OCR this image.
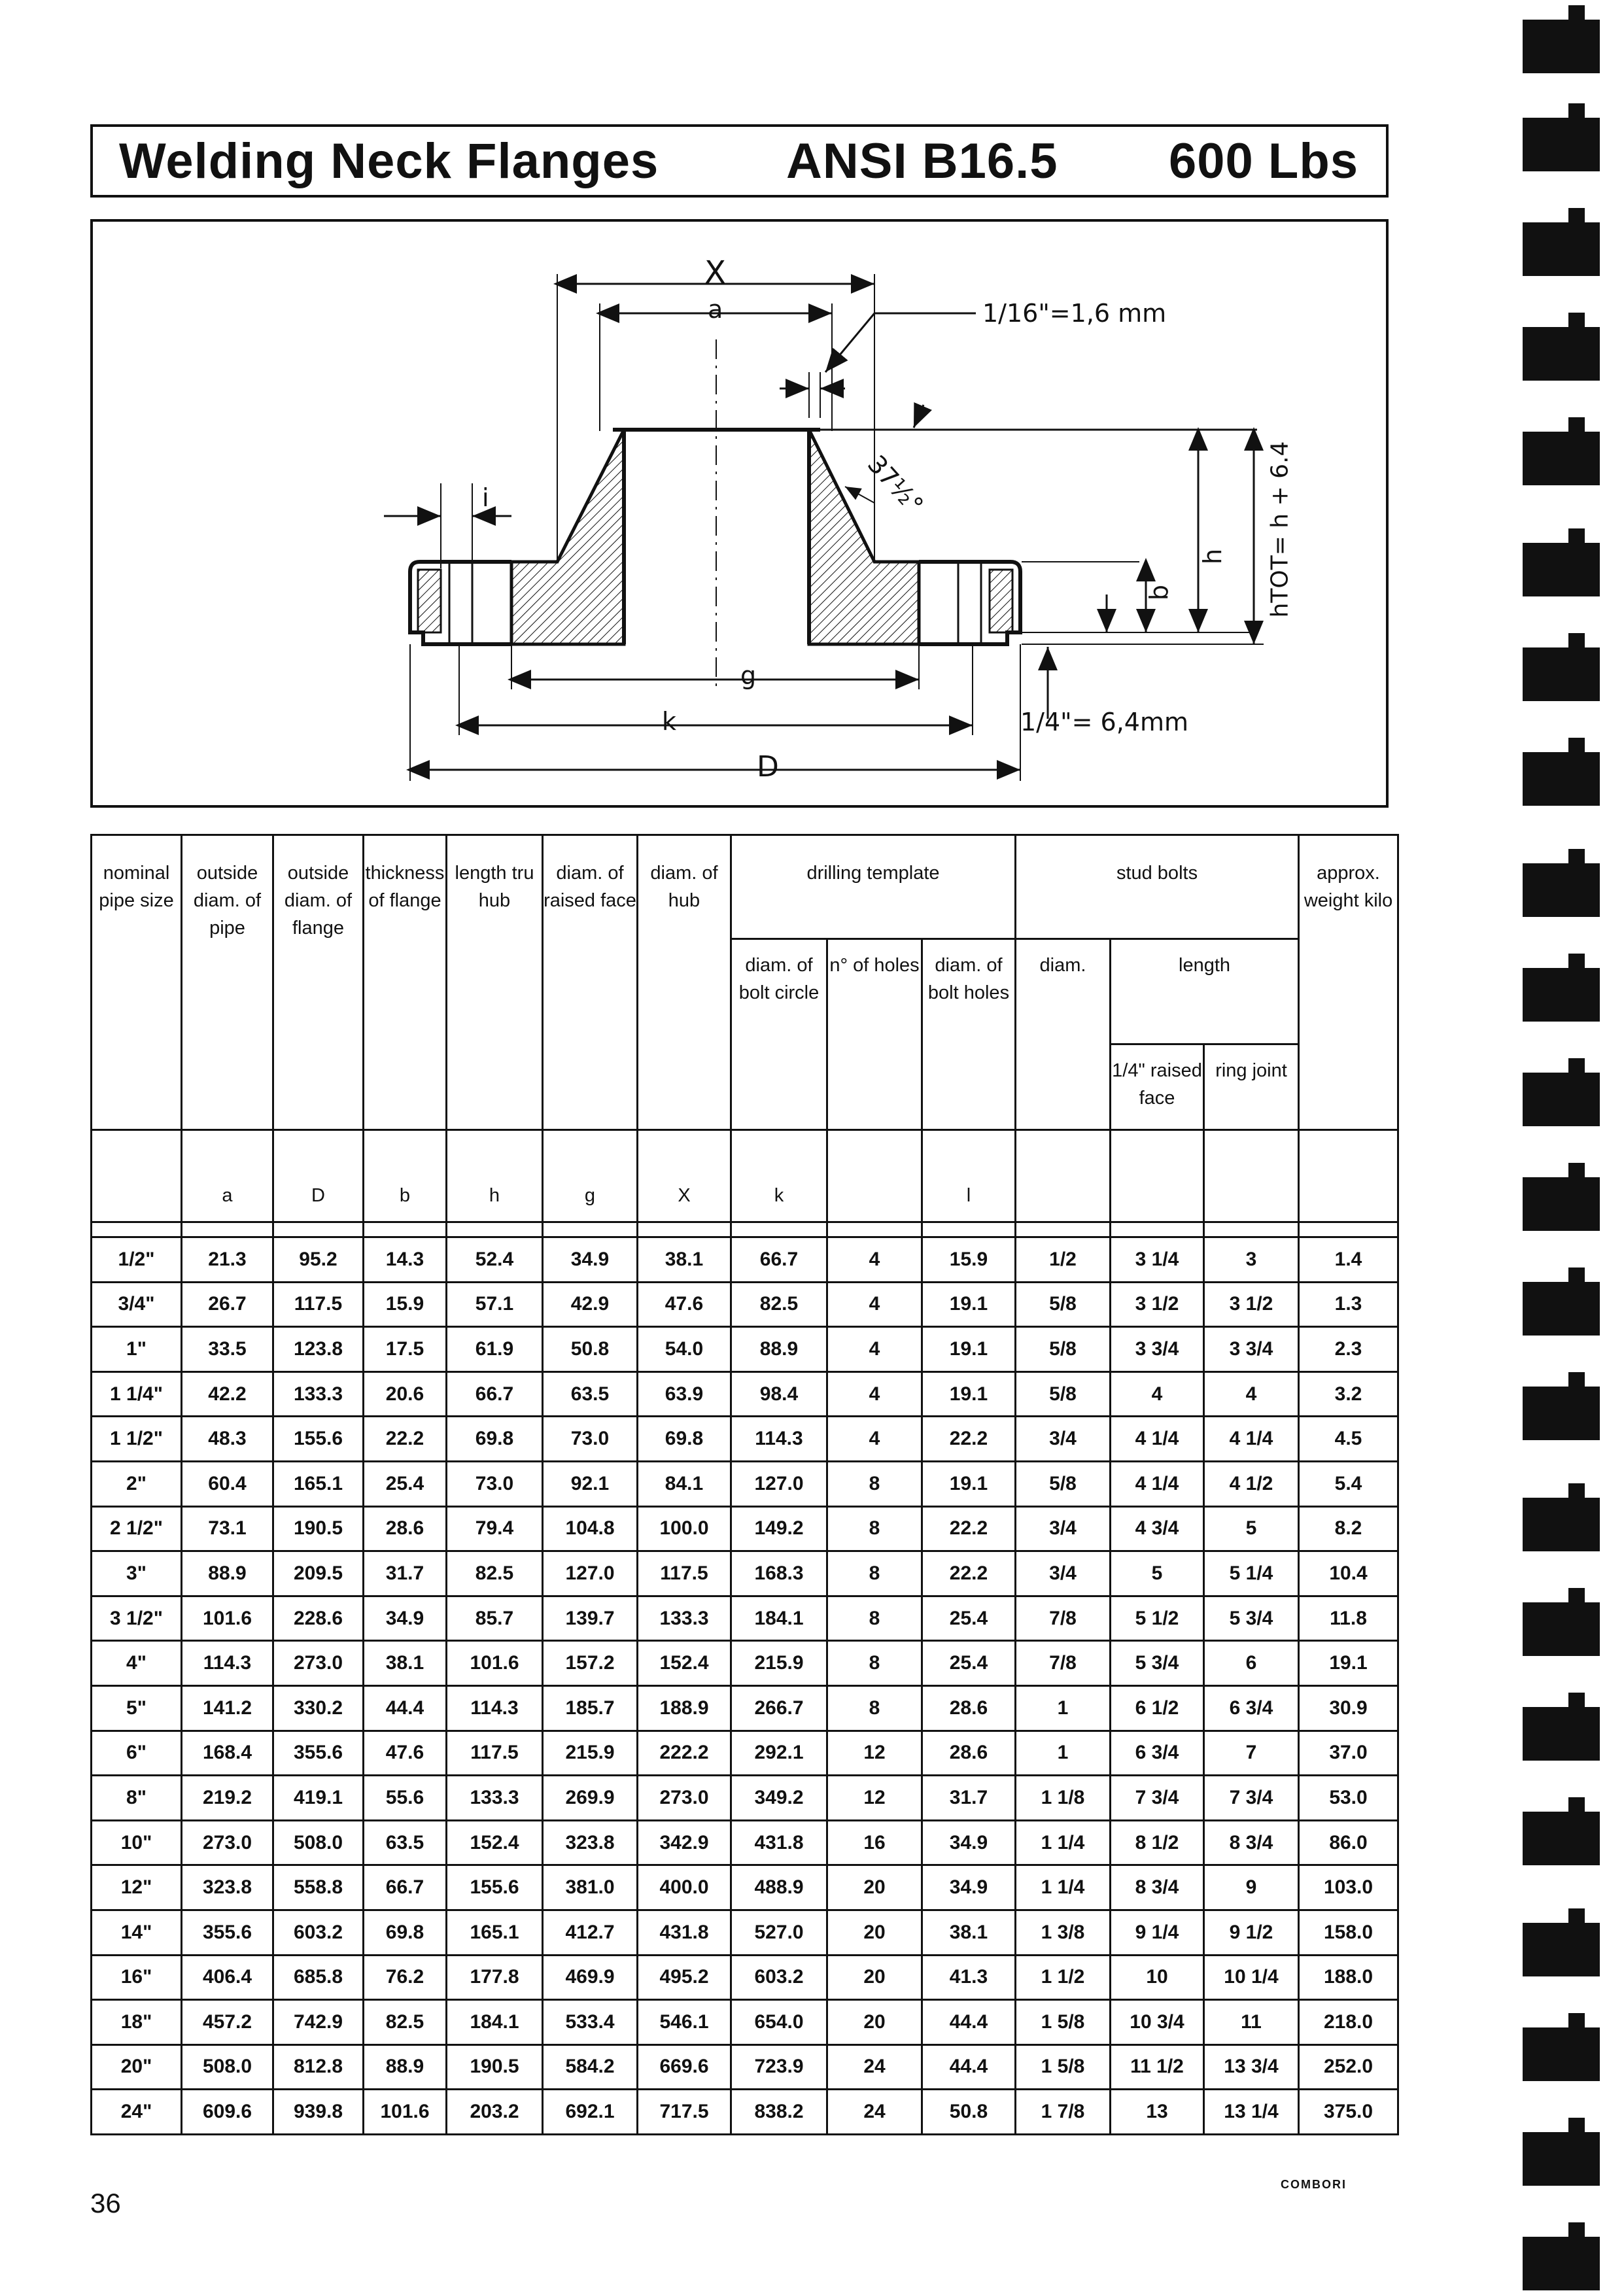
Welding Neck Flanges	ANSI B16.5 600 Lbs
X
a	1/16"=1,6 mm
37½°
i
h
b	hTOT= h + 6.4
g
k
D
1/4"= 6,4mm
nominal pipe size	outside diam. of pipe	outside diam. of flange	thickness of flange	length tru hub	diam. of raised face	diam. of hub	drilling template			stud bolts			approx. weight kilo
							diam. of bolt circle	n° of holes	diam. of bolt holes	diam.	length		
											1/4" raised face	ring joint	
	a	D	b	h	g	X	k		l				

1/2"	21.3	95.2	14.3	52.4	34.9	38.1	66.7	4	15.9	1/2	3 1/4	3	1.4
3/4"	26.7	117.5	15.9	57.1	42.9	47.6	82.5	4	19.1	5/8	3 1/2	3 1/2	1.3
1"	33.5	123.8	17.5	61.9	50.8	54.0	88.9	4	19.1	5/8	3 3/4	3 3/4	2.3
1 1/4"	42.2	133.3	20.6	66.7	63.5	63.9	98.4	4	19.1	5/8	4	4	3.2
1 1/2"	48.3	155.6	22.2	69.8	73.0	69.8	114.3	4	22.2	3/4	4 1/4	4 1/4	4.5
2"	60.4	165.1	25.4	73.0	92.1	84.1	127.0	8	19.1	5/8	4 1/4	4 1/2	5.4
2 1/2"	73.1	190.5	28.6	79.4	104.8	100.0	149.2	8	22.2	3/4	4 3/4	5	8.2
3"	88.9	209.5	31.7	82.5	127.0	117.5	168.3	8	22.2	3/4	5	5 1/4	10.4
3 1/2"	101.6	228.6	34.9	85.7	139.7	133.3	184.1	8	25.4	7/8	5 1/2	5 3/4	11.8
4"	114.3	273.0	38.1	101.6	157.2	152.4	215.9	8	25.4	7/8	5 3/4	6	19.1
5"	141.2	330.2	44.4	114.3	185.7	188.9	266.7	8	28.6	1	6 1/2	6 3/4	30.9
6"	168.4	355.6	47.6	117.5	215.9	222.2	292.1	12	28.6	1	6 3/4	7	37.0
8"	219.2	419.1	55.6	133.3	269.9	273.0	349.2	12	31.7	1 1/8	7 3/4	7 3/4	53.0
10"	273.0	508.0	63.5	152.4	323.8	342.9	431.8	16	34.9	1 1/4	8 1/2	8 3/4	86.0
12"	323.8	558.8	66.7	155.6	381.0	400.0	488.9	20	34.9	1 1/4	8 3/4	9	103.0
14"	355.6	603.2	69.8	165.1	412.7	431.8	527.0	20	38.1	1 3/8	9 1/4	9 1/2	158.0
16"	406.4	685.8	76.2	177.8	469.9	495.2	603.2	20	41.3	1 1/2	10	10 1/4	188.0
18"	457.2	742.9	82.5	184.1	533.4	546.1	654.0	20	44.4	1 5/8	10 3/4	11	218.0
20"	508.0	812.8	88.9	190.5	584.2	669.6	723.9	24	44.4	1 5/8	11 1/2	13 3/4	252.0
24"	609.6	939.8	101.6	203.2	692.1	717.5	838.2	24	50.8	1 7/8	13	13 1/4	375.0
36
COMBORI
